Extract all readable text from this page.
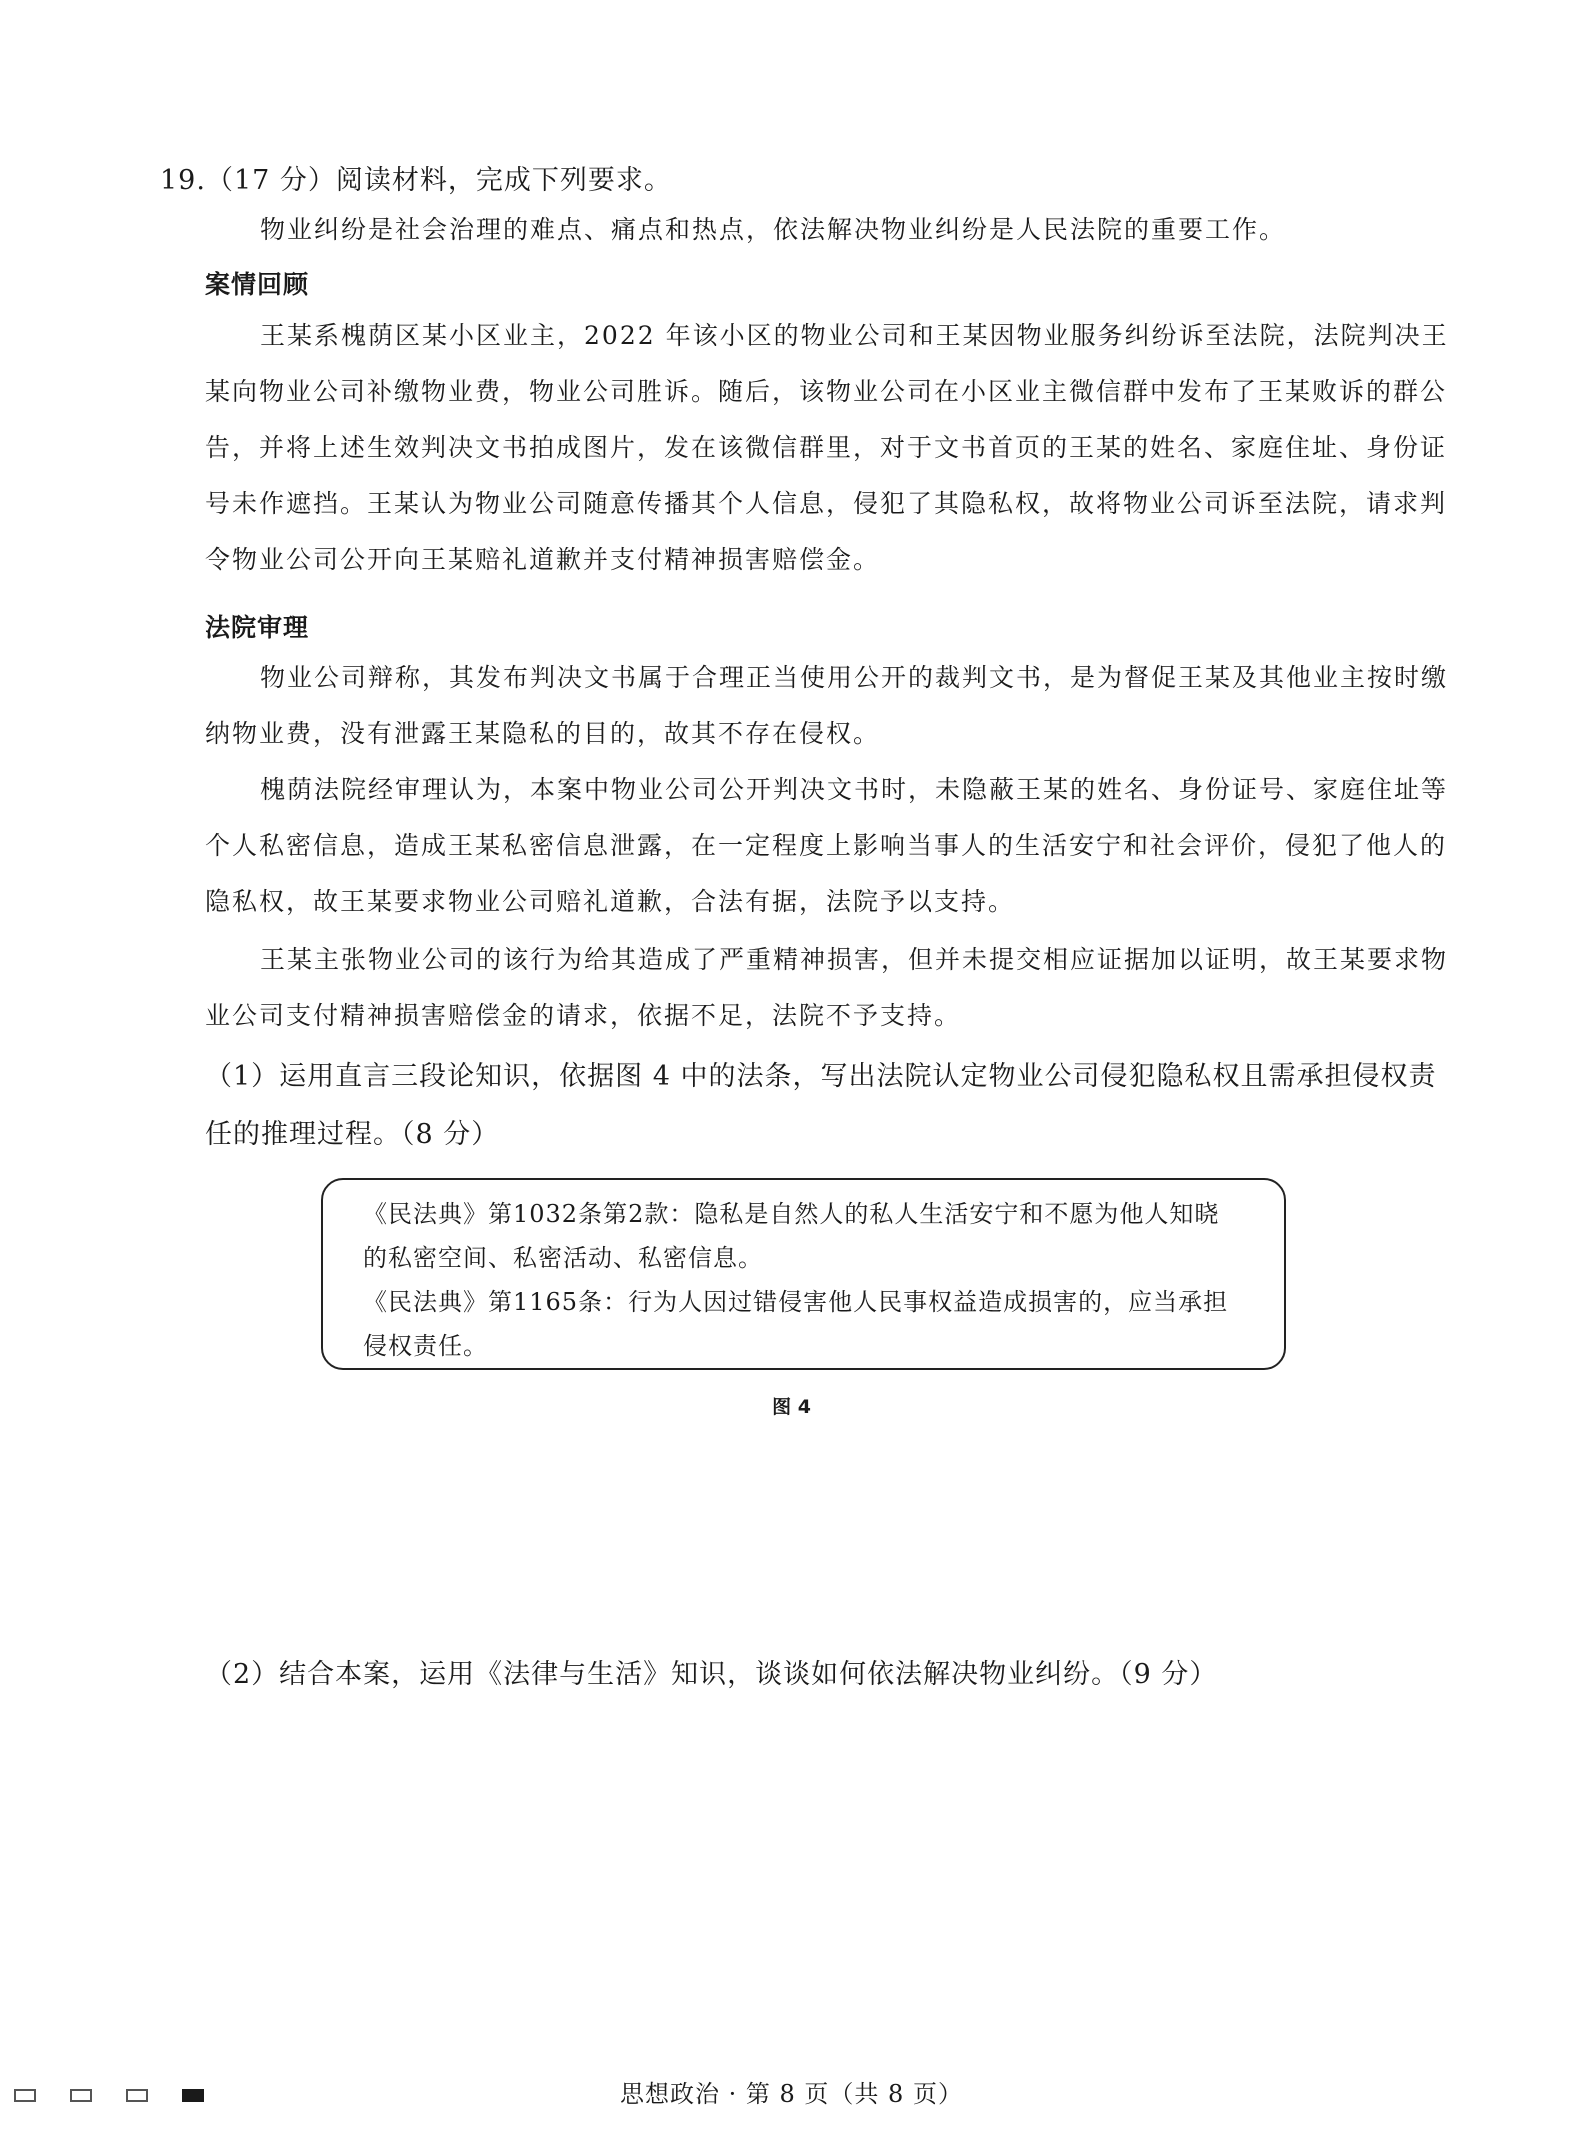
19.（17 分）阅读材料，完成下列要求。

物业纠纷是社会治理的难点、痛点和热点，依法解决物业纠纷是人民法院的重要工作。

案情回顾

王某系槐荫区某小区业主，2022 年该小区的物业公司和王某因物业服务纠纷诉至法院，法院判决王某向物业公司补缴物业费，物业公司胜诉。随后，该物业公司在小区业主微信群中发布了王某败诉的群公告，并将上述生效判决文书拍成图片，发在该微信群里，对于文书首页的王某的姓名、家庭住址、身份证号未作遮挡。王某认为物业公司随意传播其个人信息，侵犯了其隐私权，故将物业公司诉至法院，请求判令物业公司公开向王某赔礼道歉并支付精神损害赔偿金。

法院审理

物业公司辩称，其发布判决文书属于合理正当使用公开的裁判文书，是为督促王某及其他业主按时缴纳物业费，没有泄露王某隐私的目的，故其不存在侵权。

槐荫法院经审理认为，本案中物业公司公开判决文书时，未隐蔽王某的姓名、身份证号、家庭住址等个人私密信息，造成王某私密信息泄露，在一定程度上影响当事人的生活安宁和社会评价，侵犯了他人的隐私权，故王某要求物业公司赔礼道歉，合法有据，法院予以支持。

王某主张物业公司的该行为给其造成了严重精神损害，但并未提交相应证据加以证明，故王某要求物业公司支付精神损害赔偿金的请求，依据不足，法院不予支持。

（1）运用直言三段论知识，依据图 4 中的法条，写出法院认定物业公司侵犯隐私权且需承担侵权责任的推理过程。（8 分）

《民法典》第1032条第2款：隐私是自然人的私人生活安宁和不愿为他人知晓的私密空间、私密活动、私密信息。

《民法典》第1165条：行为人因过错侵害他人民事权益造成损害的，应当承担侵权责任。

图 4

（2）结合本案，运用《法律与生活》知识，谈谈如何依法解决物业纠纷。（9 分）

思想政治 · 第 8 页（共 8 页）
